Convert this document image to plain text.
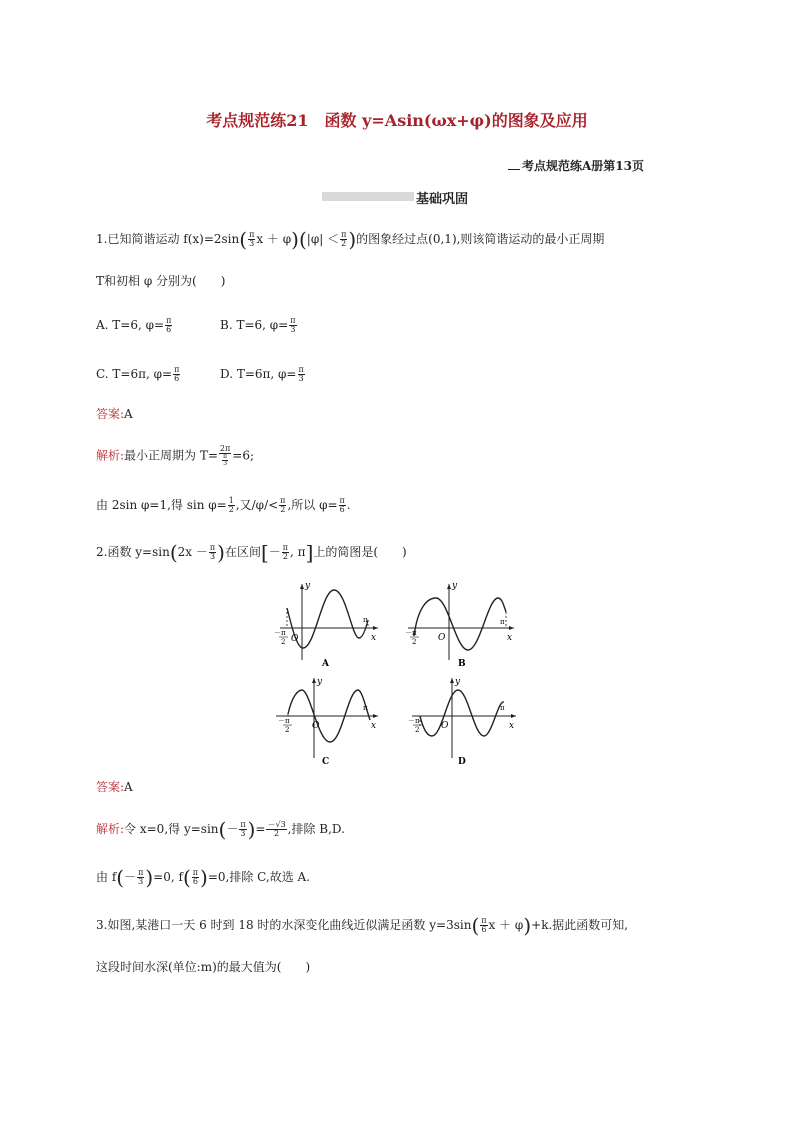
考点规范练21　函数 y=Asin(ωx+φ)的图象及应用
考点规范练A册第13页
基础巩固
1.已知简谐运动 $f(x)=2\sin( \frac{\pi}{3}$ $x + \varphi)(|\varphi| < \frac{\pi}{2}$ )的图象经过点(0,1),则该简谐运动的最小正周期
T和初相 φ 分别为(　　)
A. T=6, $\varphi= \frac{\pi}{6}$	B. T=6, $\varphi= \frac{\pi}{3}$
C. T=6π, $\varphi= \frac{\pi}{6}$	D. T=6π, $\varphi= \frac{\pi}{3}$
答案:A
解析:最小正周期为 $T= \frac{2\pi}{\frac{\pi}{3}} =6$;
由 2sin φ=1,得 $\sin \varphi= \frac{1}{2}$ ,又$/\varphi/< \frac{\pi}{2}$ ,所以 $\varphi= \frac{\pi}{6}$ .
2.函数 $y=\sin(2x - \frac{\pi}{3}$ )在区间[－ $\frac{\pi}{2}$ , π]上的简图是(　　)
y
x
O
π
－π
2
A
y
x
O
π
－π
2
B
y
x
O
π
－π
2
C
y
x
O
π
－π
2
D
答案:A
解析:令 x=0,得 $y=\sin(- \frac{\pi}{3}$ )= $\frac{-√3}{2}$ ,排除 B,D.
由 $f(- \frac{\pi}{3} )=0$, $f( \frac{\pi}{6} )=0$,排除 C,故选 A.
3.如图,某港口一天 6 时到 18 时的水深变化曲线近似满足函数 $y=3\sin( \frac{\pi}{6}$ x ＋ φ)+k.据此函数可知,
这段时间水深(单位:m)的最大值为(　　)
